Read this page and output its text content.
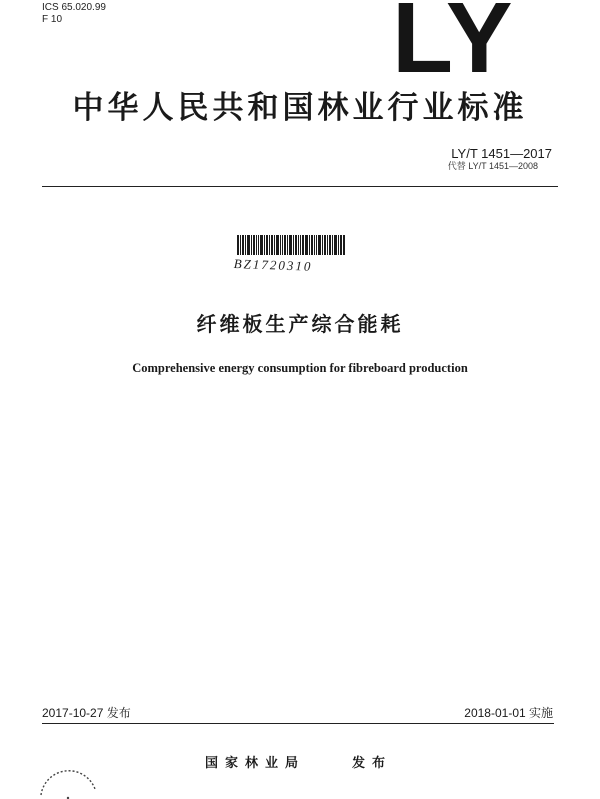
ICS 65.020.99
F 10	LY
中华人民共和国林业行业标准
LY/T 1451—2017
代替 LY/T 1451—2008
BZ1720310
纤维板生产综合能耗
Comprehensive energy consumption for fibreboard production
2017-10-27 发布	2018-01-01 实施
国家林业局	发布
